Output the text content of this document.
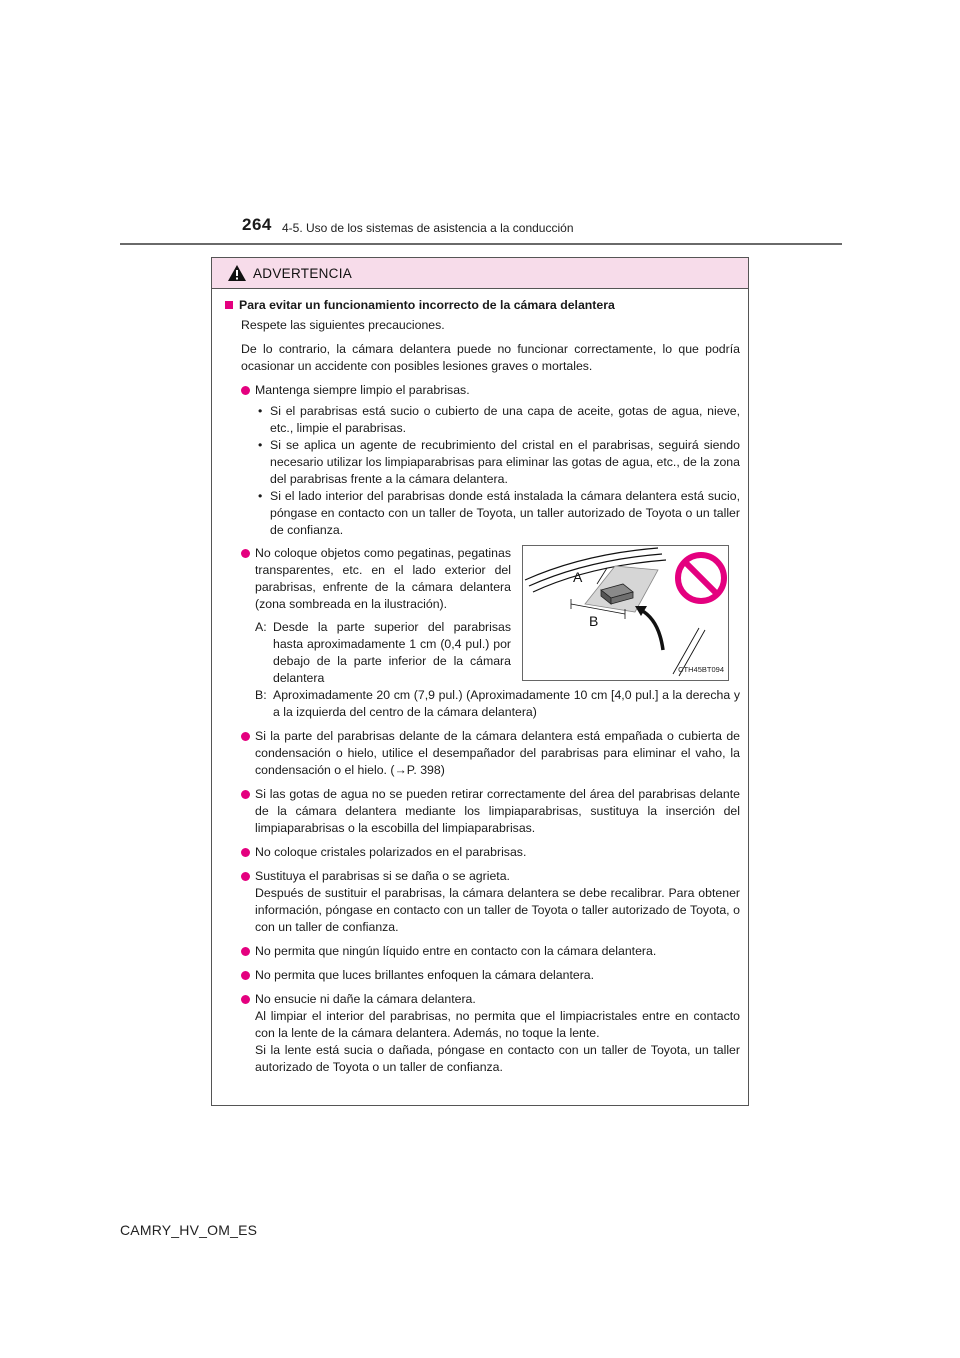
264 4-5. Uso de los sistemas de asistencia a la conducción
ADVERTENCIA
Para evitar un funcionamiento incorrecto de la cámara delantera
Respete las siguientes precauciones.
De lo contrario, la cámara delantera puede no funcionar correctamente, lo que podría ocasionar un accidente con posibles lesiones graves o mortales.
Mantenga siempre limpio el parabrisas.
• Si el parabrisas está sucio o cubierto de una capa de aceite, gotas de agua, nieve, etc., limpie el parabrisas.
• Si se aplica un agente de recubrimiento del cristal en el parabrisas, seguirá siendo necesario utilizar los limpiaparabrisas para eliminar las gotas de agua, etc., de la zona del parabrisas frente a la cámara delantera.
• Si el lado interior del parabrisas donde está instalada la cámara delantera está sucio, póngase en contacto con un taller de Toyota, un taller autorizado de Toyota o un taller de confianza.
No coloque objetos como pegatinas, pegatinas transparentes, etc. en el lado exterior del parabrisas, enfrente de la cámara delantera (zona sombreada en la ilustración).
A: Desde la parte superior del parabrisas hasta aproximadamente 1 cm (0,4 pul.) por debajo de la parte inferior de la cámara delantera
A
B
CTH45BT094
B: Aproximadamente 20 cm (7,9 pul.) (Aproximadamente 10 cm [4,0 pul.] a la derecha y a la izquierda del centro de la cámara delantera)
Si la parte del parabrisas delante de la cámara delantera está empañada o cubierta de condensación o hielo, utilice el desempañador del parabrisas para eliminar el vaho, la condensación o el hielo. (→P. 398)
Si las gotas de agua no se pueden retirar correctamente del área del parabrisas delante de la cámara delantera mediante los limpiaparabrisas, sustituya la inserción del limpiaparabrisas o la escobilla del limpiaparabrisas.
No coloque cristales polarizados en el parabrisas.
Sustituya el parabrisas si se daña o se agrieta.
Después de sustituir el parabrisas, la cámara delantera se debe recalibrar. Para obtener información, póngase en contacto con un taller de Toyota o taller autorizado de Toyota, o con un taller de confianza.
No permita que ningún líquido entre en contacto con la cámara delantera.
No permita que luces brillantes enfoquen la cámara delantera.
No ensucie ni dañe la cámara delantera.
Al limpiar el interior del parabrisas, no permita que el limpiacristales entre en contacto con la lente de la cámara delantera. Además, no toque la lente.
Si la lente está sucia o dañada, póngase en contacto con un taller de Toyota, un taller autorizado de Toyota o un taller de confianza.
CAMRY_HV_OM_ES
